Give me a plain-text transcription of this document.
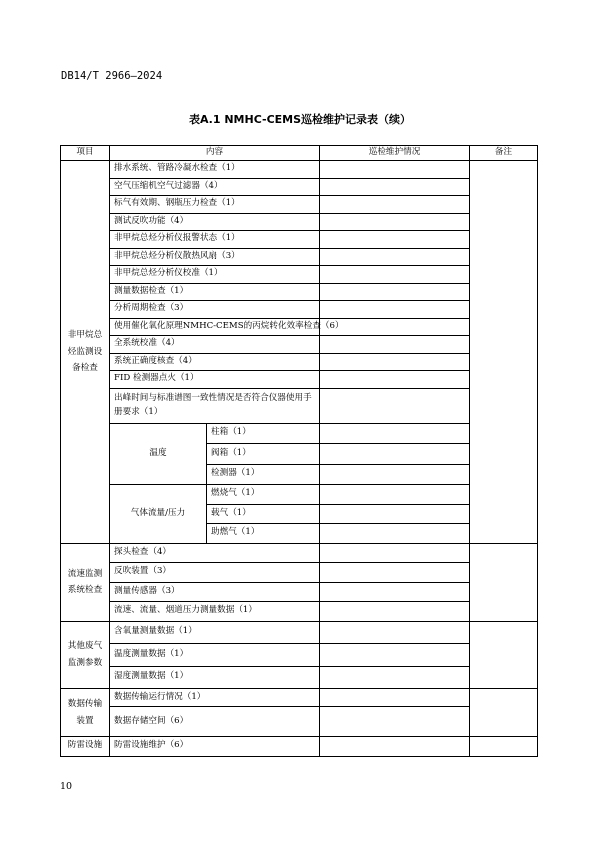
DB14/T 2966—2024
表A.1 NMHC-CEMS巡检维护记录表（续）
项目	内容		巡检维护情况	备注
非甲烷总烃监测设备检查	排水系统、管路冷凝水检查（1）			
	空气压缩机空气过滤器（4）			
	标气有效期、钢瓶压力检查（1）			
	测试反吹功能（4）			
	非甲烷总烃分析仪报警状态（1）			
	非甲烷总烃分析仪散热风扇（3）			
	非甲烷总烃分析仪校准（1）			
	测量数据检查（1）			
	分析周期检查（3）			
	使用催化氧化原理NMHC-CEMS的丙烷转化效率检查（6）			
	全系统校准（4）			
	系统正确度核查（4）			
	FID 检测器点火（1）			
	出峰时间与标准谱图一致性情况是否符合仪器使用手册要求（1）			
	温度	柱箱（1）		
		阀箱（1）		
		检测器（1）		
	气体流量/压力	燃烧气（1）		
		载气（1）		
		助燃气（1）		
流速监测系统检查	探头检查（4）			
	反吹装置（3）			
	测量传感器（3）			
	流速、流量、烟道压力测量数据（1）			
其他废气监测参数	含氧量测量数据（1）			
	温度测量数据（1）			
	湿度测量数据（1）			
数据传输装置	数据传输运行情况（1）			
	数据存储空间（6）			
防雷设施	防雷设施维护（6）			
10
